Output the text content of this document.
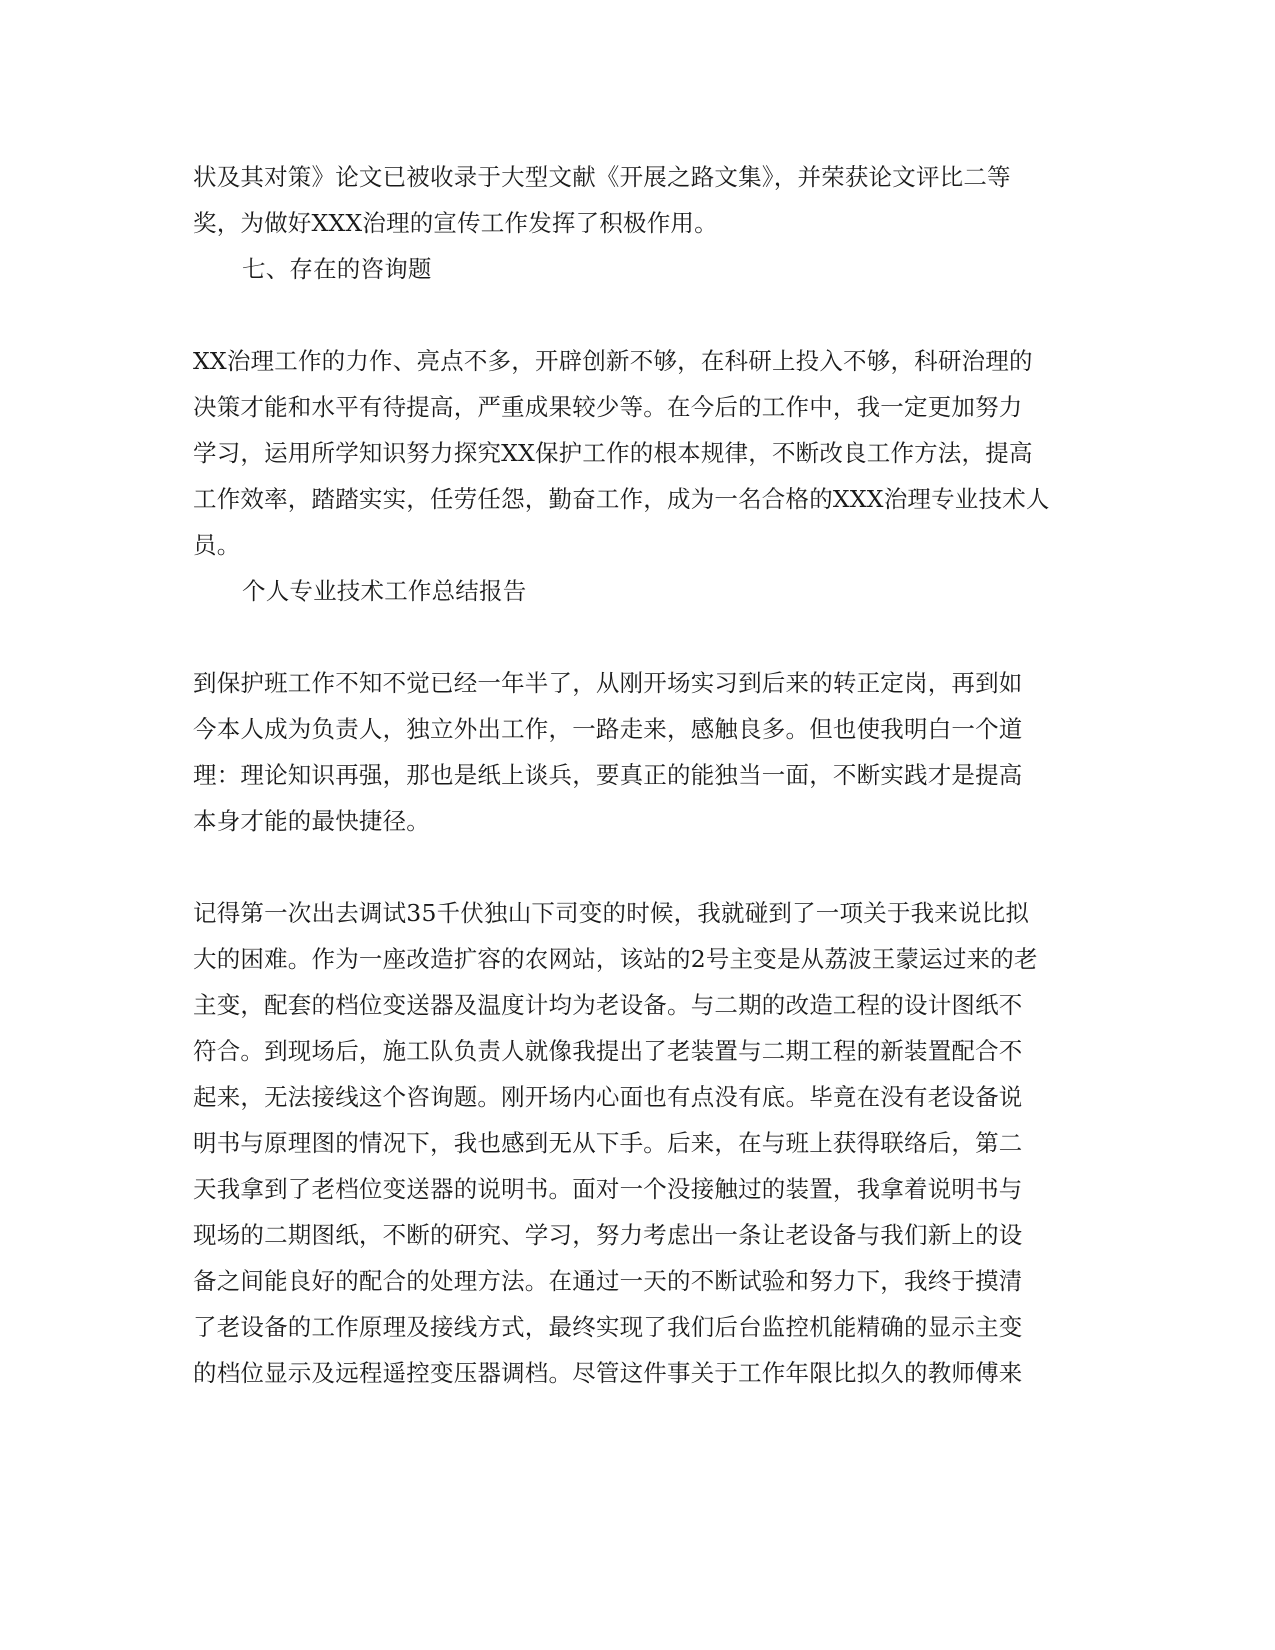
状及其对策》论文已被收录于大型文献《开展之路文集》，并荣获论文评比二等
奖，为做好XXX治理的宣传工作发挥了积极作用。
七、存在的咨询题
XX治理工作的力作、亮点不多，开辟创新不够，在科研上投入不够，科研治理的
决策才能和水平有待提高，严重成果较少等。在今后的工作中，我一定更加努力
学习，运用所学知识努力探究XX保护工作的根本规律，不断改良工作方法，提高
工作效率，踏踏实实，任劳任怨，勤奋工作，成为一名合格的XXX治理专业技术人
员。
个人专业技术工作总结报告
到保护班工作不知不觉已经一年半了，从刚开场实习到后来的转正定岗，再到如
今本人成为负责人，独立外出工作，一路走来，感触良多。但也使我明白一个道
理：理论知识再强，那也是纸上谈兵，要真正的能独当一面，不断实践才是提高
本身才能的最快捷径。
记得第一次出去调试35千伏独山下司变的时候，我就碰到了一项关于我来说比拟
大的困难。作为一座改造扩容的农网站，该站的2号主变是从荔波王蒙运过来的老
主变，配套的档位变送器及温度计均为老设备。与二期的改造工程的设计图纸不
符合。到现场后，施工队负责人就像我提出了老装置与二期工程的新装置配合不
起来，无法接线这个咨询题。刚开场内心面也有点没有底。毕竟在没有老设备说
明书与原理图的情况下，我也感到无从下手。后来，在与班上获得联络后，第二
天我拿到了老档位变送器的说明书。面对一个没接触过的装置，我拿着说明书与
现场的二期图纸，不断的研究、学习，努力考虑出一条让老设备与我们新上的设
备之间能良好的配合的处理方法。在通过一天的不断试验和努力下，我终于摸清
了老设备的工作原理及接线方式，最终实现了我们后台监控机能精确的显示主变
的档位显示及远程遥控变压器调档。尽管这件事关于工作年限比拟久的教师傅来
